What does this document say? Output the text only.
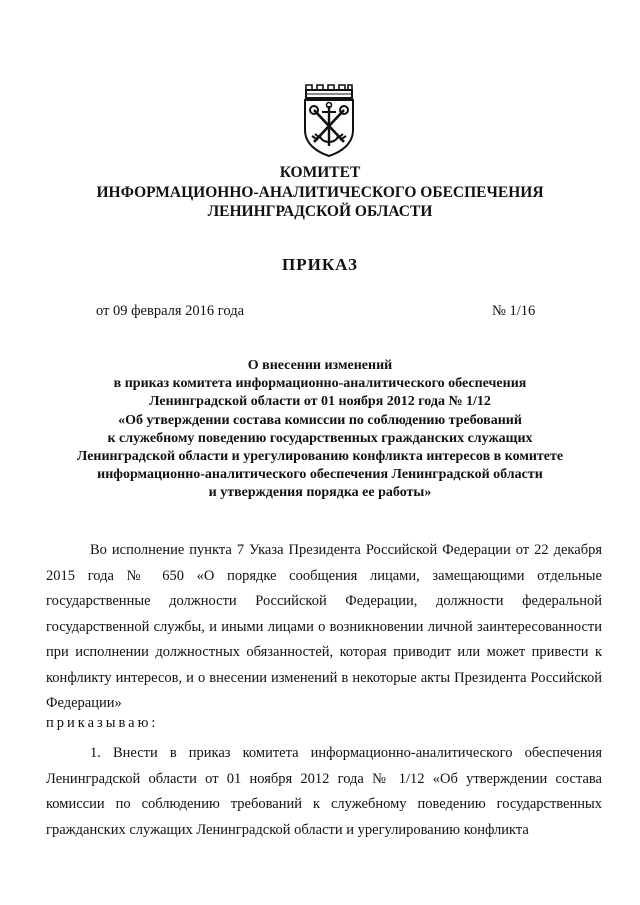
КОМИТЕТ
ИНФОРМАЦИОННО-АНАЛИТИЧЕСКОГО ОБЕСПЕЧЕНИЯ
ЛЕНИНГРАДСКОЙ ОБЛАСТИ
ПРИКАЗ
от 09 февраля 2016 года	№ 1/16
О внесении изменений
в приказ комитета информационно-аналитического обеспечения
Ленинградской области от 01 ноября 2012 года № 1/12
«Об утверждении состава комиссии по соблюдению требований
к служебному поведению государственных гражданских служащих
Ленинградской области и урегулированию конфликта интересов в комитете
информационно-аналитического обеспечения Ленинградской области
и утверждения порядка ее работы»
Во исполнение пункта 7 Указа Президента Российской Федерации от 22 декабря 2015 года № 650 «О порядке сообщения лицами, замещающими отдельные государственные должности Российской Федерации, должности федеральной государственной службы, и иными лицами о возникновении личной заинтересованности при исполнении должностных обязанностей, которая приводит или может привести к конфликту интересов, и о внесении изменений в некоторые акты Президента Российской Федерации»
приказываю:
1. Внести в приказ комитета информационно-аналитического обеспечения Ленинградской области от 01 ноября 2012 года № 1/12 «Об утверждении состава комиссии по соблюдению требований к служебному поведению государственных гражданских служащих Ленинградской области и урегулированию конфликта
